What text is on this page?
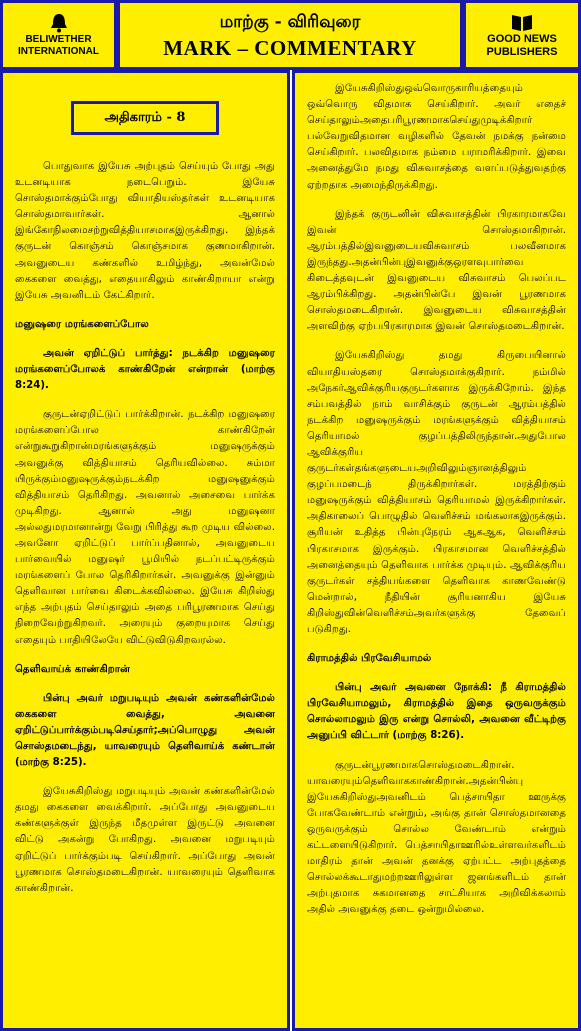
BELIWETHER INTERNATIONAL
மாற்கு - விரிவுரை
MARK – COMMENTARY	GOOD NEWS
PUBLISHERS
அதிகாரம் - 8

பொதுவாக இயேசு அற்புதம் செய்யும் போது அது உடனடியாக நடைபெறும். இயேசு சொஸ்தமாக்கும்போது வியாதியஸ்தர்கள் உடனடியாக சொஸ்தமாவார்கள். ஆனால் இங்கோநிலமைசற்றுவித்தியாசமாகஇருக்கிறது. இந்தக் குருடன் கொஞ்சம் கொஞ்சமாக குணமாகிறான். அவனுடைய கண்களில் உமிழ்ந்து, அவன்மேல் கைகளை வைத்து, எதையாகிலும் காண்கிறாயா என்று இயேசு அவனிடம் கேட்கிறார்.

மனுஷரை மரங்களைப்போல

அவன் ஏறிட்டுப் பார்த்து: நடக்கிற மனுஷரை மரங்களைப்போலக் காண்கிறேன் என்றான் (மாற்கு 8:24).

குருடன்ஏறிட்டுப் பார்க்கிறான். நடக்கிற மனுஷரை மரங்களைப்போல காண்கிறேன் என்றுகூறுகிறான்மரங்களுக்கும் மனுஷருக்கும் அவனுக்கு வித்தியாசம் தெரியவில்லை. சும்மா யிருக்கும்மனுஷருக்கும்நடக்கிற மனுஷனுக்கும் வித்தியாசம் தெரிகிறது. அவனால் அசைவை பார்க்க முடிகிறது. ஆனால் அது மனுஷனா அல்லதுமரமானான்று வேறு பிரித்து கூற முடிய வில்லை. அவனோ ஏறிட்டுப் பார்ப்பதினால், அவனுடைய பார்வையில் மனுஷர் பூமியில் நடப்பட்டிருக்கும் மரங்களைப் போல தெரிகிறார்கள். அவனுக்கு இன்னும் தெளிவான பார்வை கிடைக்கவில்லை. இயேசு கிறிஸ்து எந்த அற்புதம் செய்தாலும் அதை பரிபூரணமாக செய்து நிறைவேற்றுகிறவர். அரையும் குறையுமாக செய்து எதையும் பாதியிலேயே விட்டுவிடுகிறவரல்ல.

தெளிவாய்க் காண்கிறான்

பின்பு அவர் மறுபடியும் அவன் கண்களின்மேல் கைகளை வைத்து, அவனை ஏறிட்டுப்பார்க்கும்படிசெய்தார்;அப்பொழுது அவன் சொஸ்தமடைந்து, யாவரையும் தெளிவாய்க் கண்டான் (மாற்கு 8:25).

இயேசுகிறிஸ்து மறுபடியும் அவன் கண்களின்மேல் தமது கைகளை வைக்கிறார். அப்போது அவனுடைய கண்களுக்குள் இருந்த மீதமுள்ள இருட்டு அவனை விட்டு அகன்று போகிறது. அவனை மறுபடியும் ஏறிட்டுப் பார்க்கும்படி செய்கிறார். அப்போது அவன் பூரணமாக சொஸ்தமடைகிறான். யாவரையும் தெளிவாக காண்கிறான்.

இயேசுகிறிஸ்துஒவ்வொருகாரியத்தையும் ஒவ்வொரு விதமாக செய்கிறார். அவர் எதைச் செய்தாலும்அதைபரிபூரணமாகசெய்துமுடிக்கிறார் பல்வேறுவிதமான வழிகளில் தேவன் நமக்கு நன்மை செய்கிறார். பலவிதமாக நம்மை பராமரிக்கிறார். இவை அனைத்துமே நமது விசுவாசத்தை வளப்படுத்துவதற்கு ஏற்றதாக அமைந்திருக்கிறது.

இந்தக் குருடனின் விசுவாசத்தின் பிரகாரமாகவே இவன் சொஸ்தமாகிறான். ஆரம்பத்தில்இவனுடையவிசுவாசம் பலவீனமாக இருந்தது.அதன்பின்புஇவனுக்குஒரளவுபார்வை கிடைத்தவுடன் இவனுடைய விசுவாசம் பெலப்பட ஆரம்பிக்கிறது. அதன்பின்பே இவன் பூரணமாக சொஸ்தமடைகிறான். இவனுடைய விசுவாசத்தின் அளவிற்கு ஏற்பபிரகாரமாக இவன் சொஸ்தமடைகிறான்.

இயேசுகிறிஸ்து தமது கிருபையினால் வியாதியஸ்தரை சொஸ்தமாக்குகிறார். நம்மில் அநேகர்ஆவிக்குரியகுருடர்களாக இருக்கிறோம். இந்த சம்பவத்தில் நாம் வாசிக்கும் குருடன் ஆரம்பத்தில் நடக்கிற மனுஷருக்கும் மரங்களுக்கும் வித்தியாசம் தெரியாமல் குழப்பத்திலிருந்தான்.அதுபோல ஆவிக்குரிய குருடர்கள்தங்களுடையஅறிவிலும்ஞானத்திலும் குழப்பமடைந் திருக்கிறார்கள். மரத்திற்கும் மனுஷருக்கும் வித்தியாசம் தெரியாமல் இருக்கிறார்கள். அதிகாலைப் பொழுதில் வெளிச்சம் மங்கலாகஇருக்கும். சூரியன் உதித்த பின்புநேரம் ஆகஆக, வெளிச்சம் பிரகாசமாக இருக்கும். பிரகாசமான வெளிச்சத்தில் அனைத்தையும் தெளிவாக பார்க்க முடியும். ஆவிக்குரிய குருடர்கள் சத்தியங்களை தெளிவாக காணவேண்டு மென்றால், நீதியின் சூரியனாகிய இயேசு கிறிஸ்துவின்வெளிச்சம்அவர்களுக்கு தேவைப் படுகிறது.

கிராமத்தில் பிரவேசியாமல்

பின்பு அவர் அவனை நோக்கி: நீ கிராமத்தில் பிரவேசியாமலும், கிராமத்தில் இதை ஒருவருக்கும் சொல்லாமலும் இரு என்று சொல்லி, அவனை வீட்டிற்கு அனுப்பி விட்டார் (மாற்கு 8:26).

குருடன்பூரணமாகசொஸ்தமடைகிறான். யாவரையும்தெளிவாககாண்கிறான்.அதன்பின்பு இயேசுகிறிஸ்துஅவனிடம் பெத்சாயிதா ஊருக்கு போகவேண்டாம் என்றும், அங்கு தான் சொஸ்தமானதை ஒருவருக்கும் சொல்ல வேண்டாம் என்றும் கட்டளையிடுகிறார். பெத்சாயிதாஊரில்உள்ளவர்களிடம் மாதிரம் தான் அவன் தனக்கு ஏற்பட்ட அற்புதத்தை சொல்லக்கூடாதுமற்றஊரிலுள்ள ஜனங்களிடம் தான் அற்புதமாக சுகமானதை சாட்சியாக அறிவிக்கலாம் அதில் அவனுக்கு தடை ஒன்றுமில்லை.
